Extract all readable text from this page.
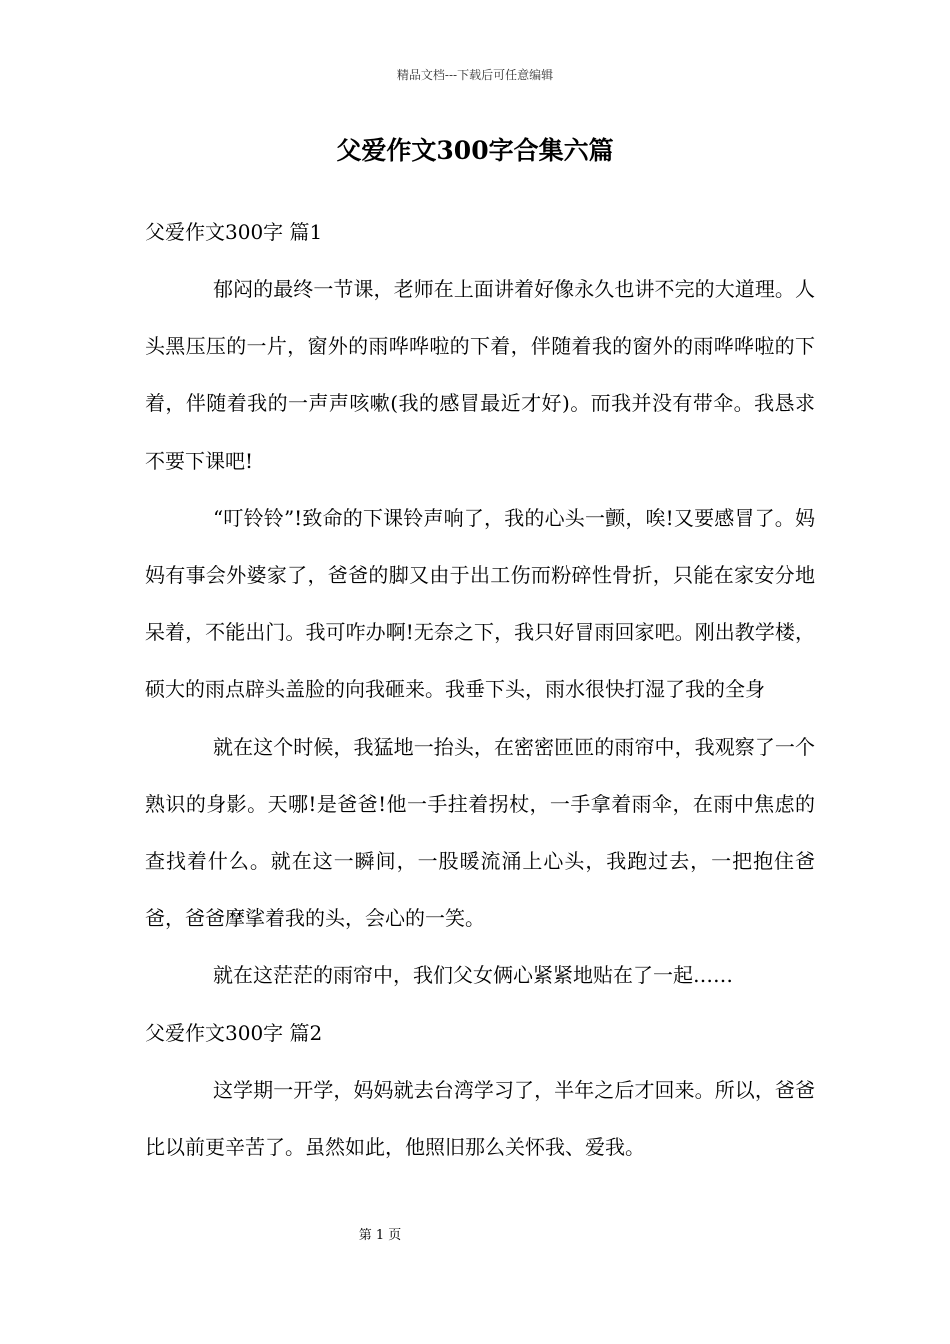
精品文档---下载后可任意编辑
父爱作文300字合集六篇
父爱作文300字 篇1

郁闷的最终一节课，老师在上面讲着好像永久也讲不完的大道理。人头黑压压的一片，窗外的雨哗哗啦的下着，伴随着我的窗外的雨哗哗啦的下着，伴随着我的一声声咳嗽(我的感冒最近才好)。而我并没有带伞。我恳求不要下课吧!

“叮铃铃”!致命的下课铃声响了，我的心头一颤，唉!又要感冒了。妈妈有事会外婆家了，爸爸的脚又由于出工伤而粉碎性骨折，只能在家安分地呆着，不能出门。我可咋办啊!无奈之下，我只好冒雨回家吧。刚出教学楼，硕大的雨点辟头盖脸的向我砸来。我垂下头，雨水很快打湿了我的全身

就在这个时候，我猛地一抬头，在密密匝匝的雨帘中，我观察了一个熟识的身影。天哪!是爸爸!他一手拄着拐杖，一手拿着雨伞，在雨中焦虑的查找着什么。就在这一瞬间，一股暖流涌上心头，我跑过去，一把抱住爸爸，爸爸摩挲着我的头，会心的一笑。

就在这茫茫的雨帘中，我们父女俩心紧紧地贴在了一起……

父爱作文300字 篇2

这学期一开学，妈妈就去台湾学习了，半年之后才回来。所以，爸爸比以前更辛苦了。虽然如此，他照旧那么关怀我、爱我。

第 1 页
